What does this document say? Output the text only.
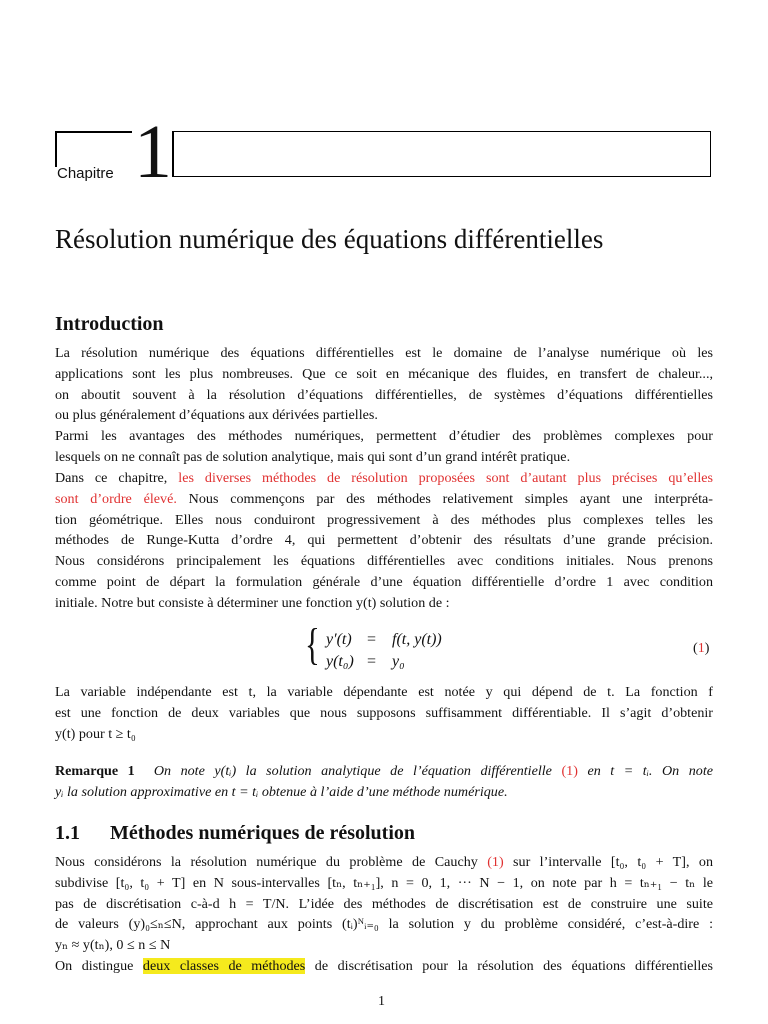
Chapitre 1
Résolution numérique des équations différentielles
Introduction
La résolution numérique des équations différentielles est le domaine de l’analyse numérique où les
applications sont les plus nombreuses. Que ce soit en mécanique des fluides, en transfert de chaleur...,
on aboutit souvent à la résolution d’équations différentielles, de systèmes d’équations différentielles
ou plus généralement d’équations aux dérivées partielles.
Parmi les avantages des méthodes numériques, permettent d’étudier des problèmes complexes pour
lesquels on ne connaît pas de solution analytique, mais qui sont d’un grand intérêt pratique.
Dans ce chapitre, les diverses méthodes de résolution proposées sont d’autant plus précises qu’elles
sont d’ordre élevé. Nous commençons par des méthodes relativement simples ayant une interpréta-
tion géométrique. Elles nous conduiront progressivement à des méthodes plus complexes telles les
méthodes de Runge-Kutta d’ordre 4, qui permettent d’obtenir des résultats d’une grande précision.
Nous considérons principalement les équations différentielles avec conditions initiales. Nous prenons
comme point de départ la formulation générale d’une équation différentielle d’ordre 1 avec condition
initiale. Notre but consiste à déterminer une fonction y(t) solution de :
{ y′(t) = f(t, y(t))
y(t₀) = y₀
(1)
La variable indépendante est t, la variable dépendante est notée y qui dépend de t. La fonction f
est une fonction de deux variables que nous supposons suffisamment différentiable. Il s’agit d’obtenir
y(t) pour t ≥ t₀
Remarque 1 On note y(tᵢ) la solution analytique de l’équation différentielle (1) en t = tᵢ. On note
yᵢ la solution approximative en t = tᵢ obtenue à l’aide d’une méthode numérique.
1.1 Méthodes numériques de résolution
Nous considérons la résolution numérique du problème de Cauchy (1) sur l’intervalle [t₀, t₀ + T], on
subdivise [t₀, t₀ + T] en N sous-intervalles [tₙ, tₙ₊₁], n = 0, 1, ··· N − 1, on note par h = tₙ₊₁ − tₙ le
pas de discrétisation c-à-d h = T/N. L’idée des méthodes de discrétisation est de construire une suite
de valeurs (y)₀≤ₙ≤N, approchant aux points (tᵢ)ᴺᵢ₌₀ la solution y du problème considéré, c’est-à-dire :
yₙ ≈ y(tₙ), 0 ≤ n ≤ N
On distingue deux classes de méthodes de discrétisation pour la résolution des équations différentielles
1
